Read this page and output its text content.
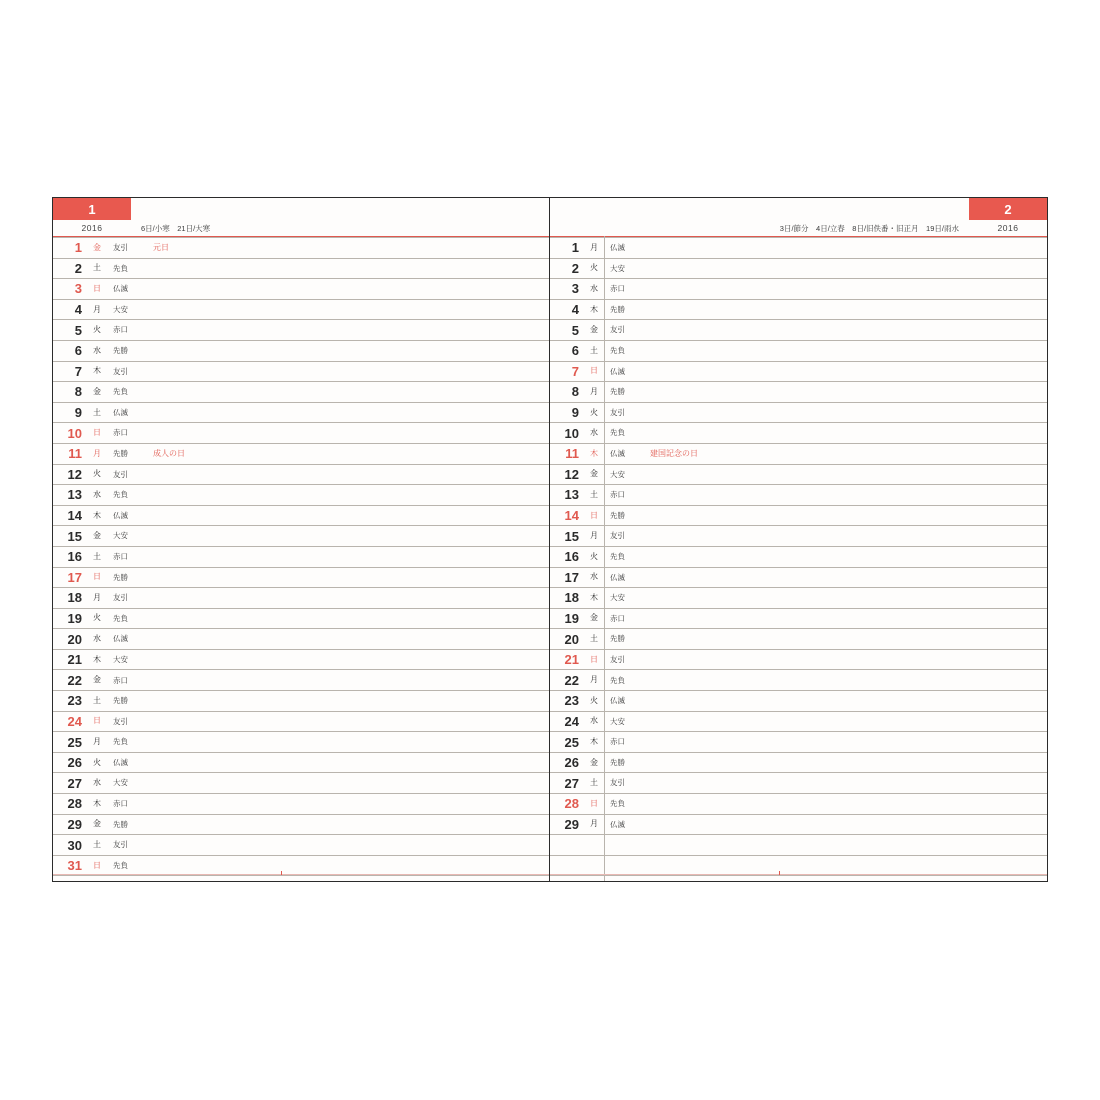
1
2016	6日/小寒　21日/大寒
1	金	友引	元日
2	土	先負
3	日	仏滅
4	月	大安
5	火	赤口
6	水	先勝
7	木	友引
8	金	先負
9	土	仏滅
10	日	赤口
11	月	先勝	成人の日
12	火	友引
13	水	先負
14	木	仏滅
15	金	大安
16	土	赤口
17	日	先勝
18	月	友引
19	火	先負
20	水	仏滅
21	木	大安
22	金	赤口
23	土	先勝
24	日	友引
25	月	先負
26	火	仏滅
27	水	大安
28	木	赤口
29	金	先勝
30	土	友引
31	日	先負
2
3日/節分　4日/立春　8日/旧佚番・旧正月　19日/雨水	2016
1	月	仏滅
2	火	大安
3	水	赤口
4	木	先勝
5	金	友引
6	土	先負
7	日	仏滅
8	月	先勝
9	火	友引
10	水	先負
11	木	仏滅	建国記念の日
12	金	大安
13	土	赤口
14	日	先勝
15	月	友引
16	火	先負
17	水	仏滅
18	木	大安
19	金	赤口
20	土	先勝
21	日	友引
22	月	先負
23	火	仏滅
24	水	大安
25	木	赤口
26	金	先勝
27	土	友引
28	日	先負
29	月	仏滅
